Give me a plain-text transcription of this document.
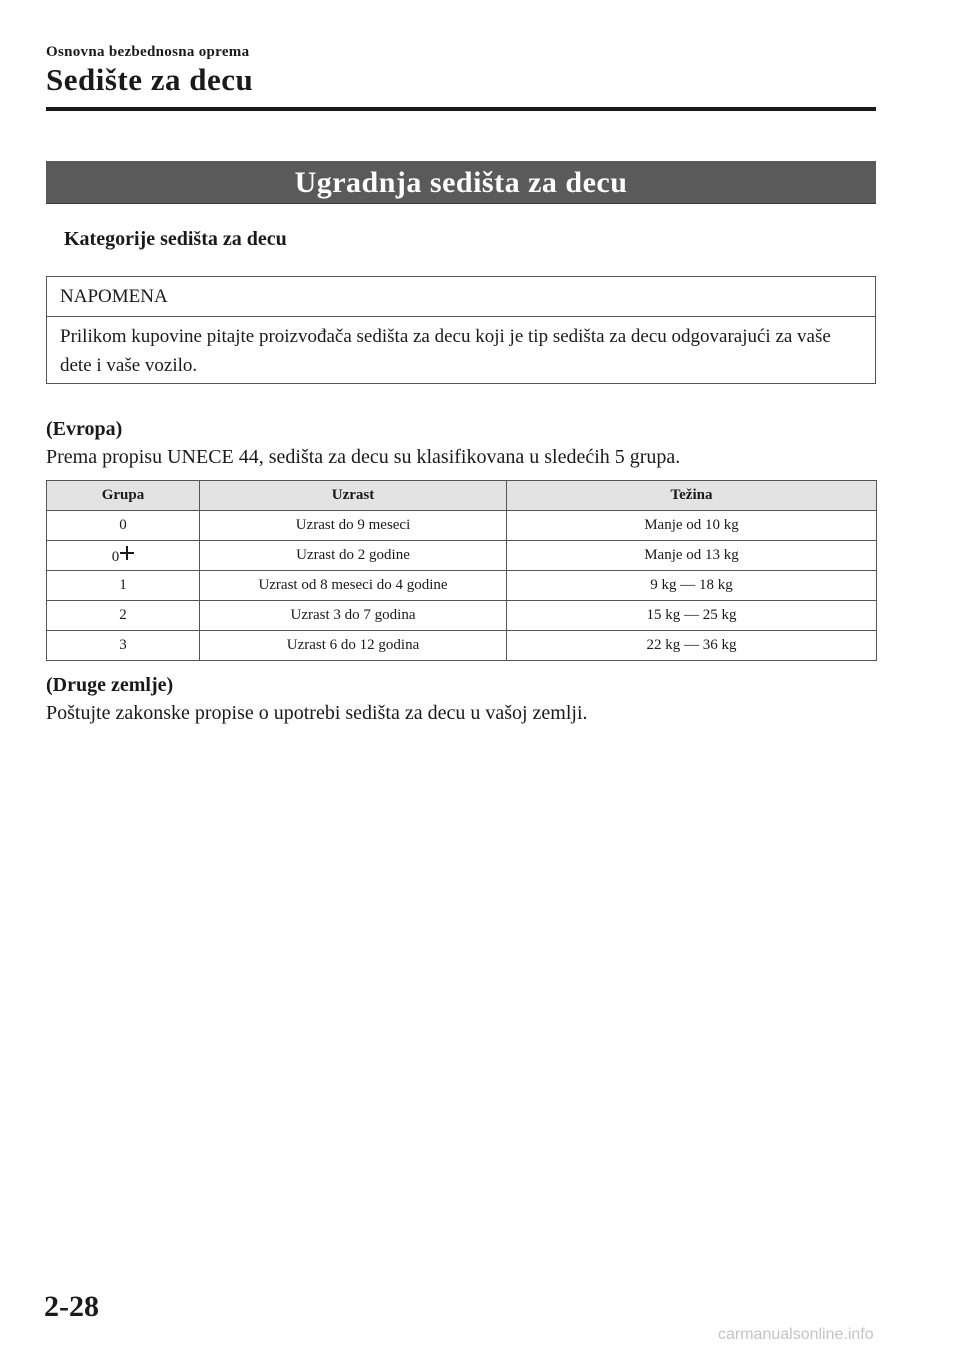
Osnovna bezbednosna oprema
Sedište za decu
Ugradnja sedišta za decu
Kategorije sedišta za decu
NAPOMENA
Prilikom kupovine pitajte proizvođača sedišta za decu koji je tip sedišta za decu odgovarajući za vaše dete i vaše vozilo.
(Evropa)
Prema propisu UNECE 44, sedišta za decu su klasifikovana u sledećih 5 grupa.
Grupa	Uzrast	Težina
0	Uzrast do 9 meseci	Manje od 10 kg
0	Uzrast do 2 godine	Manje od 13 kg
1	Uzrast od 8 meseci do 4 godine	9 kg — 18 kg
2	Uzrast 3 do 7 godina	15 kg — 25 kg
3	Uzrast 6 do 12 godina	22 kg — 36 kg
(Druge zemlje)
Poštujte zakonske propise o upotrebi sedišta za decu u vašoj zemlji.
2-28
carmanualsonline.info
